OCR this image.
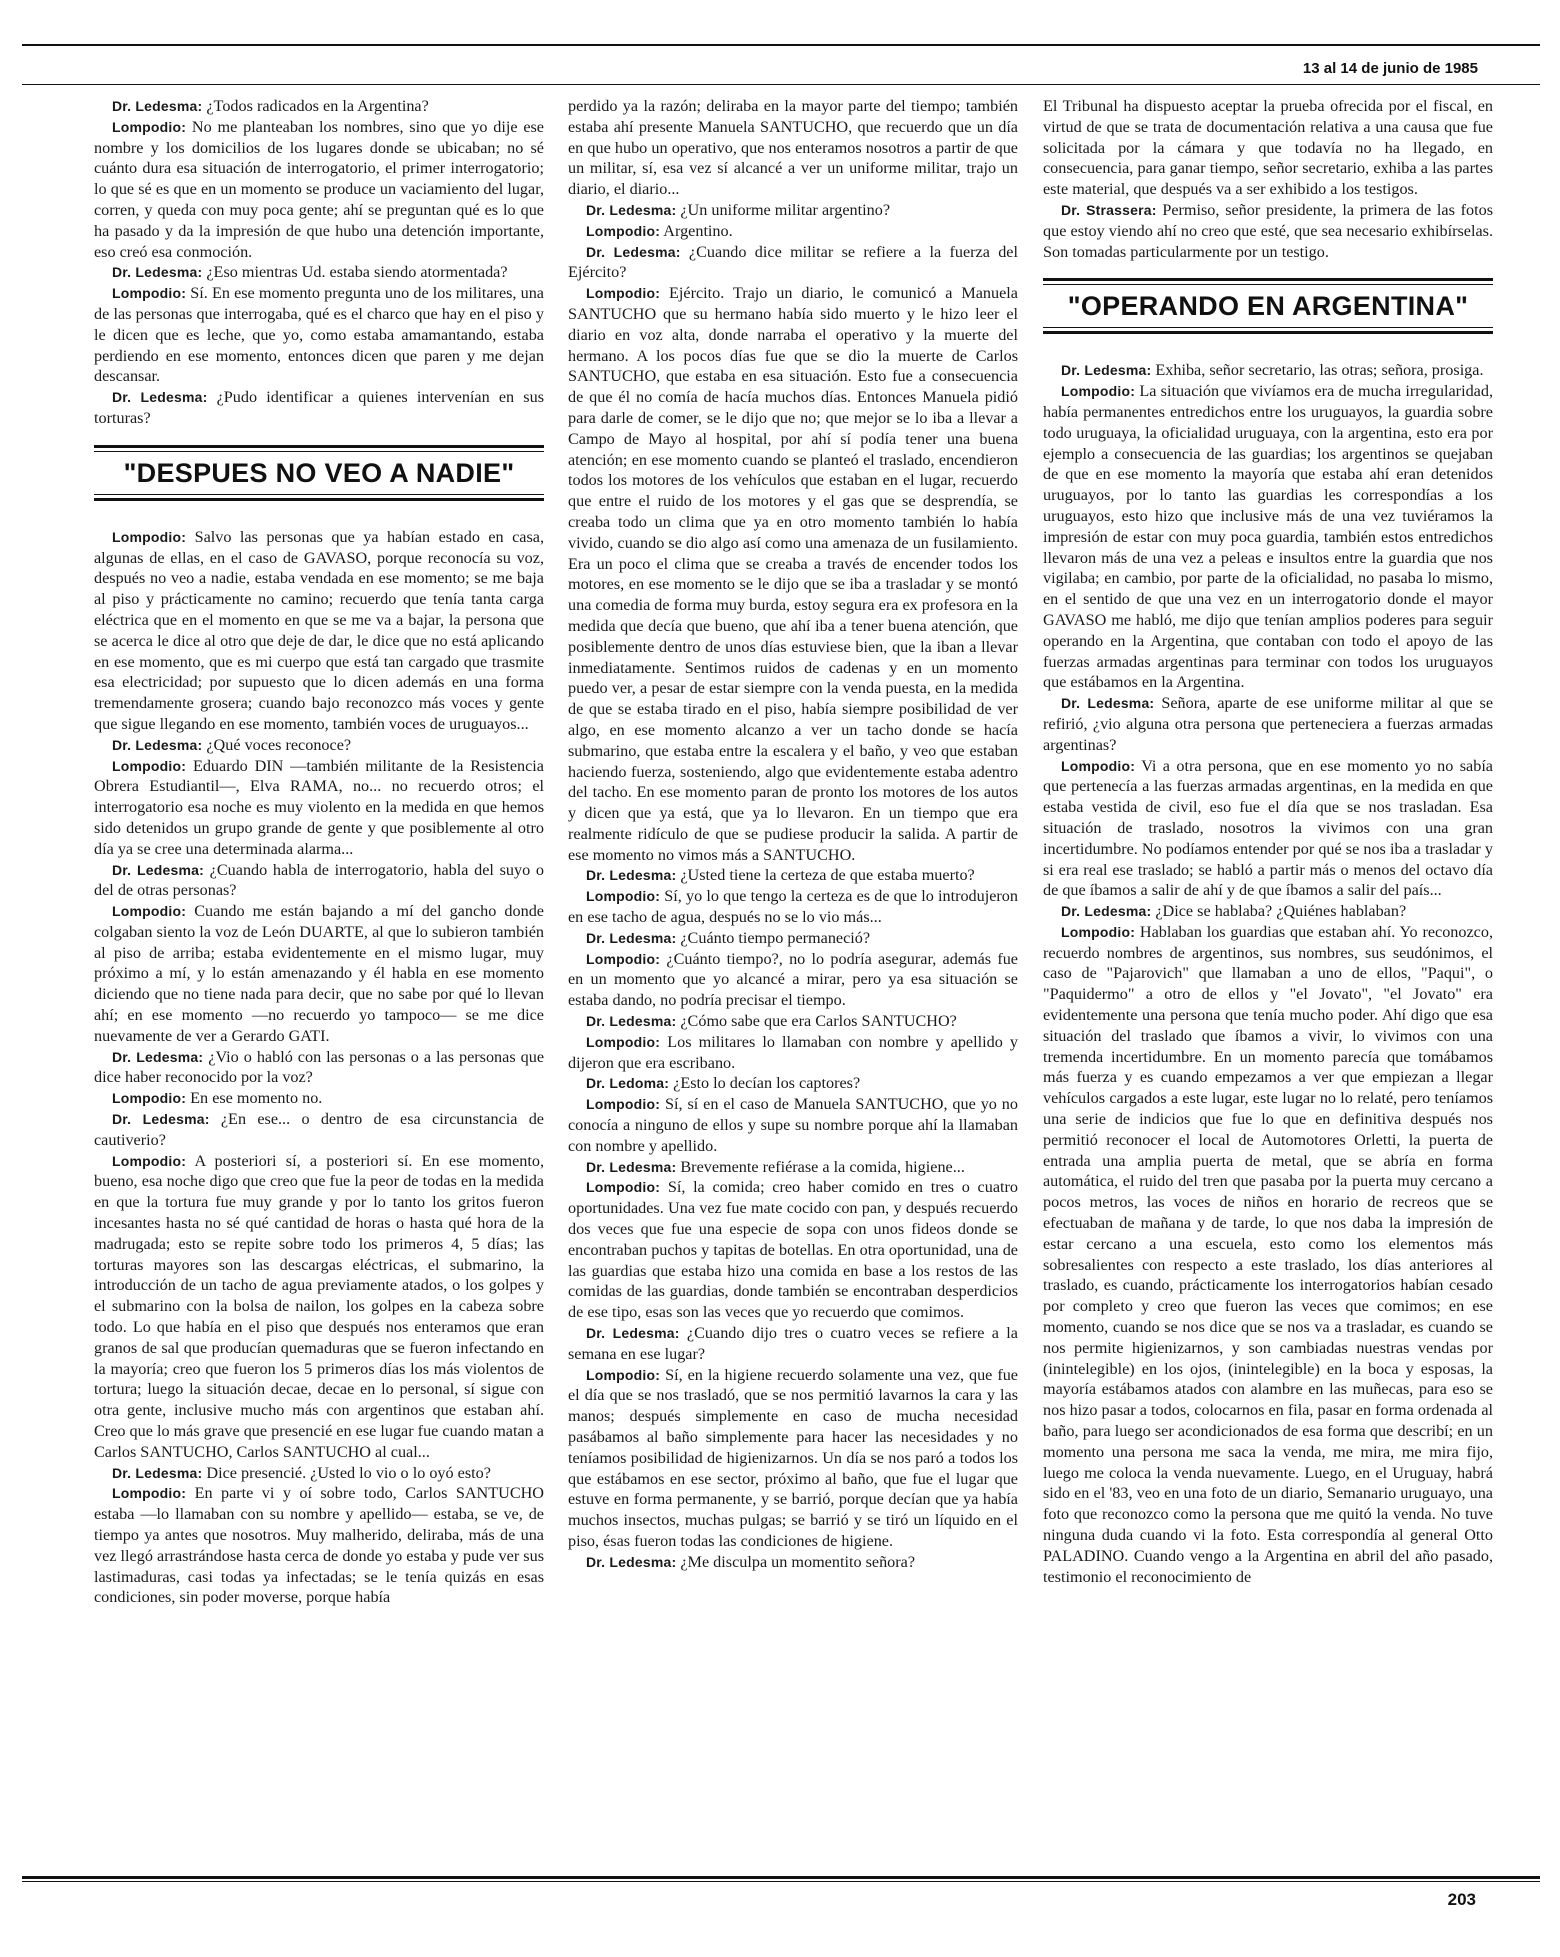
13 al 14 de junio de 1985

Dr. Ledesma: ¿Todos radicados en la Argentina?

Lompodio: No me planteaban los nombres, sino que yo dije ese nombre y los domicilios de los lugares donde se ubicaban; no sé cuánto dura esa situación de interrogatorio, el primer interrogatorio; lo que sé es que en un momento se produce un vaciamiento del lugar, corren, y queda con muy poca gente; ahí se preguntan qué es lo que ha pasado y da la impresión de que hubo una detención importante, eso creó esa conmoción.

Dr. Ledesma: ¿Eso mientras Ud. estaba siendo atormentada?

Lompodio: Sí. En ese momento pregunta uno de los militares, una de las personas que interrogaba, qué es el charco que hay en el piso y le dicen que es leche, que yo, como estaba amamantando, estaba perdiendo en ese momento, entonces dicen que paren y me dejan descansar.

Dr. Ledesma: ¿Pudo identificar a quienes intervenían en sus torturas?

"DESPUES NO VEO A NADIE"

Lompodio: Salvo las personas que ya habían estado en casa, algunas de ellas, en el caso de GAVASO, porque reconocía su voz, después no veo a nadie, estaba vendada en ese momento; se me baja al piso y prácticamente no camino; recuerdo que tenía tanta carga eléctrica que en el momento en que se me va a bajar, la persona que se acerca le dice al otro que deje de dar, le dice que no está aplicando en ese momento, que es mi cuerpo que está tan cargado que trasmite esa electricidad; por supuesto que lo dicen además en una forma tremendamente grosera; cuando bajo reconozco más voces y gente que sigue llegando en ese momento, también voces de uruguayos...

Dr. Ledesma: ¿Qué voces reconoce?

Lompodio: Eduardo DIN —también militante de la Resistencia Obrera Estudiantil—, Elva RAMA, no... no recuerdo otros; el interrogatorio esa noche es muy violento en la medida en que hemos sido detenidos un grupo grande de gente y que posiblemente al otro día ya se cree una determinada alarma...

Dr. Ledesma: ¿Cuando habla de interrogatorio, habla del suyo o del de otras personas?

Lompodio: Cuando me están bajando a mí del gancho donde colgaban siento la voz de León DUARTE, al que lo subieron también al piso de arriba; estaba evidentemente en el mismo lugar, muy próximo a mí, y lo están amenazando y él habla en ese momento diciendo que no tiene nada para decir, que no sabe por qué lo llevan ahí; en ese momento —no recuerdo yo tampoco— se me dice nuevamente de ver a Gerardo GATI.

Dr. Ledesma: ¿Vio o habló con las personas o a las personas que dice haber reconocido por la voz?

Lompodio: En ese momento no.

Dr. Ledesma: ¿En ese... o dentro de esa circunstancia de cautiverio?

Lompodio: A posteriori sí, a posteriori sí. En ese momento, bueno, esa noche digo que creo que fue la peor de todas en la medida en que la tortura fue muy grande y por lo tanto los gritos fueron incesantes hasta no sé qué cantidad de horas o hasta qué hora de la madrugada; esto se repite sobre todo los primeros 4, 5 días; las torturas mayores son las descargas eléctricas, el submarino, la introducción de un tacho de agua previamente atados, o los golpes y el submarino con la bolsa de nailon, los golpes en la cabeza sobre todo. Lo que había en el piso que después nos enteramos que eran granos de sal que producían quemaduras que se fueron infectando en la mayoría; creo que fueron los 5 primeros días los más violentos de tortura; luego la situación decae, decae en lo personal, sí sigue con otra gente, inclusive mucho más con argentinos que estaban ahí. Creo que lo más grave que presencié en ese lugar fue cuando matan a Carlos SANTUCHO, Carlos SANTUCHO al cual...

Dr. Ledesma: Dice presencié. ¿Usted lo vio o lo oyó esto?

Lompodio: En parte vi y oí sobre todo, Carlos SANTUCHO estaba —lo llamaban con su nombre y apellido— estaba, se ve, de tiempo ya antes que nosotros. Muy malherido, deliraba, más de una vez llegó arrastrándose hasta cerca de donde yo estaba y pude ver sus lastimaduras, casi todas ya infectadas; se le tenía quizás en esas condiciones, sin poder moverse, porque había

perdido ya la razón; deliraba en la mayor parte del tiempo; también estaba ahí presente Manuela SANTUCHO, que recuerdo que un día en que hubo un operativo, que nos enteramos nosotros a partir de que un militar, sí, esa vez sí alcancé a ver un uniforme militar, trajo un diario, el diario...

Dr. Ledesma: ¿Un uniforme militar argentino?

Lompodio: Argentino.

Dr. Ledesma: ¿Cuando dice militar se refiere a la fuerza del Ejército?

Lompodio: Ejército. Trajo un diario, le comunicó a Manuela SANTUCHO que su hermano había sido muerto y le hizo leer el diario en voz alta, donde narraba el operativo y la muerte del hermano. A los pocos días fue que se dio la muerte de Carlos SANTUCHO, que estaba en esa situación. Esto fue a consecuencia de que él no comía de hacía muchos días. Entonces Manuela pidió para darle de comer, se le dijo que no; que mejor se lo iba a llevar a Campo de Mayo al hospital, por ahí sí podía tener una buena atención; en ese momento cuando se planteó el traslado, encendieron todos los motores de los vehículos que estaban en el lugar, recuerdo que entre el ruido de los motores y el gas que se desprendía, se creaba todo un clima que ya en otro momento también lo había vivido, cuando se dio algo así como una amenaza de un fusilamiento. Era un poco el clima que se creaba a través de encender todos los motores, en ese momento se le dijo que se iba a trasladar y se montó una comedia de forma muy burda, estoy segura era ex profesora en la medida que decía que bueno, que ahí iba a tener buena atención, que posiblemente dentro de unos días estuviese bien, que la iban a llevar inmediatamente. Sentimos ruidos de cadenas y en un momento puedo ver, a pesar de estar siempre con la venda puesta, en la medida de que se estaba tirado en el piso, había siempre posibilidad de ver algo, en ese momento alcanzo a ver un tacho donde se hacía submarino, que estaba entre la escalera y el baño, y veo que estaban haciendo fuerza, sosteniendo, algo que evidentemente estaba adentro del tacho. En ese momento paran de pronto los motores de los autos y dicen que ya está, que ya lo llevaron. En un tiempo que era realmente ridículo de que se pudiese producir la salida. A partir de ese momento no vimos más a SANTUCHO.

Dr. Ledesma: ¿Usted tiene la certeza de que estaba muerto?

Lompodio: Sí, yo lo que tengo la certeza es de que lo introdujeron en ese tacho de agua, después no se lo vio más...

Dr. Ledesma: ¿Cuánto tiempo permaneció?

Lompodio: ¿Cuánto tiempo?, no lo podría asegurar, además fue en un momento que yo alcancé a mirar, pero ya esa situación se estaba dando, no podría precisar el tiempo.

Dr. Ledesma: ¿Cómo sabe que era Carlos SANTUCHO?

Lompodio: Los militares lo llamaban con nombre y apellido y dijeron que era escribano.

Dr. Ledoma: ¿Esto lo decían los captores?

Lompodio: Sí, sí en el caso de Manuela SANTUCHO, que yo no conocía a ninguno de ellos y supe su nombre porque ahí la llamaban con nombre y apellido.

Dr. Ledesma: Brevemente refiérase a la comida, higiene...

Lompodio: Sí, la comida; creo haber comido en tres o cuatro oportunidades. Una vez fue mate cocido con pan, y después recuerdo dos veces que fue una especie de sopa con unos fideos donde se encontraban puchos y tapitas de botellas. En otra oportunidad, una de las guardias que estaba hizo una comida en base a los restos de las comidas de las guardias, donde también se encontraban desperdicios de ese tipo, esas son las veces que yo recuerdo que comimos.

Dr. Ledesma: ¿Cuando dijo tres o cuatro veces se refiere a la semana en ese lugar?

Lompodio: Sí, en la higiene recuerdo solamente una vez, que fue el día que se nos trasladó, que se nos permitió lavarnos la cara y las manos; después simplemente en caso de mucha necesidad pasábamos al baño simplemente para hacer las necesidades y no teníamos posibilidad de higienizarnos. Un día se nos paró a todos los que estábamos en ese sector, próximo al baño, que fue el lugar que estuve en forma permanente, y se barrió, porque decían que ya había muchos insectos, muchas pulgas; se barrió y se tiró un líquido en el piso, ésas fueron todas las condiciones de higiene.

Dr. Ledesma: ¿Me disculpa un momentito señora?

El Tribunal ha dispuesto aceptar la prueba ofrecida por el fiscal, en virtud de que se trata de documentación relativa a una causa que fue solicitada por la cámara y que todavía no ha llegado, en consecuencia, para ganar tiempo, señor secretario, exhiba a las partes este material, que después va a ser exhibido a los testigos.

Dr. Strassera: Permiso, señor presidente, la primera de las fotos que estoy viendo ahí no creo que esté, que sea necesario exhibírselas. Son tomadas particularmente por un testigo.

"OPERANDO EN ARGENTINA"

Dr. Ledesma: Exhiba, señor secretario, las otras; señora, prosiga.

Lompodio: La situación que vivíamos era de mucha irregularidad, había permanentes entredichos entre los uruguayos, la guardia sobre todo uruguaya, la oficialidad uruguaya, con la argentina, esto era por ejemplo a consecuencia de las guardias; los argentinos se quejaban de que en ese momento la mayoría que estaba ahí eran detenidos uruguayos, por lo tanto las guardias les correspondías a los uruguayos, esto hizo que inclusive más de una vez tuviéramos la impresión de estar con muy poca guardia, también estos entredichos llevaron más de una vez a peleas e insultos entre la guardia que nos vigilaba; en cambio, por parte de la oficialidad, no pasaba lo mismo, en el sentido de que una vez en un interrogatorio donde el mayor GAVASO me habló, me dijo que tenían amplios poderes para seguir operando en la Argentina, que contaban con todo el apoyo de las fuerzas armadas argentinas para terminar con todos los uruguayos que estábamos en la Argentina.

Dr. Ledesma: Señora, aparte de ese uniforme militar al que se refirió, ¿vio alguna otra persona que perteneciera a fuerzas armadas argentinas?

Lompodio: Vi a otra persona, que en ese momento yo no sabía que pertenecía a las fuerzas armadas argentinas, en la medida en que estaba vestida de civil, eso fue el día que se nos trasladan. Esa situación de traslado, nosotros la vivimos con una gran incertidumbre. No podíamos entender por qué se nos iba a trasladar y si era real ese traslado; se habló a partir más o menos del octavo día de que íbamos a salir de ahí y de que íbamos a salir del país...

Dr. Ledesma: ¿Dice se hablaba? ¿Quiénes hablaban?

Lompodio: Hablaban los guardias que estaban ahí. Yo reconozco, recuerdo nombres de argentinos, sus nombres, sus seudónimos, el caso de "Pajarovich" que llamaban a uno de ellos, "Paqui", o "Paquidermo" a otro de ellos y "el Jovato", "el Jovato" era evidentemente una persona que tenía mucho poder. Ahí digo que esa situación del traslado que íbamos a vivir, lo vivimos con una tremenda incertidumbre. En un momento parecía que tomábamos más fuerza y es cuando empezamos a ver que empiezan a llegar vehículos cargados a este lugar, este lugar no lo relaté, pero teníamos una serie de indicios que fue lo que en definitiva después nos permitió reconocer el local de Automotores Orletti, la puerta de entrada una amplia puerta de metal, que se abría en forma automática, el ruido del tren que pasaba por la puerta muy cercano a pocos metros, las voces de niños en horario de recreos que se efectuaban de mañana y de tarde, lo que nos daba la impresión de estar cercano a una escuela, esto como los elementos más sobresalientes con respecto a este traslado, los días anteriores al traslado, es cuando, prácticamente los interrogatorios habían cesado por completo y creo que fueron las veces que comimos; en ese momento, cuando se nos dice que se nos va a trasladar, es cuando se nos permite higienizarnos, y son cambiadas nuestras vendas por (inintelegible) en los ojos, (inintelegible) en la boca y esposas, la mayoría estábamos atados con alambre en las muñecas, para eso se nos hizo pasar a todos, colocarnos en fila, pasar en forma ordenada al baño, para luego ser acondicionados de esa forma que describí; en un momento una persona me saca la venda, me mira, me mira fijo, luego me coloca la venda nuevamente. Luego, en el Uruguay, habrá sido en el '83, veo en una foto de un diario, Semanario uruguayo, una foto que reconozco como la persona que me quitó la venda. No tuve ninguna duda cuando vi la foto. Esta correspondía al general Otto PALADINO. Cuando vengo a la Argentina en abril del año pasado, testimonio el reconocimiento de

203
